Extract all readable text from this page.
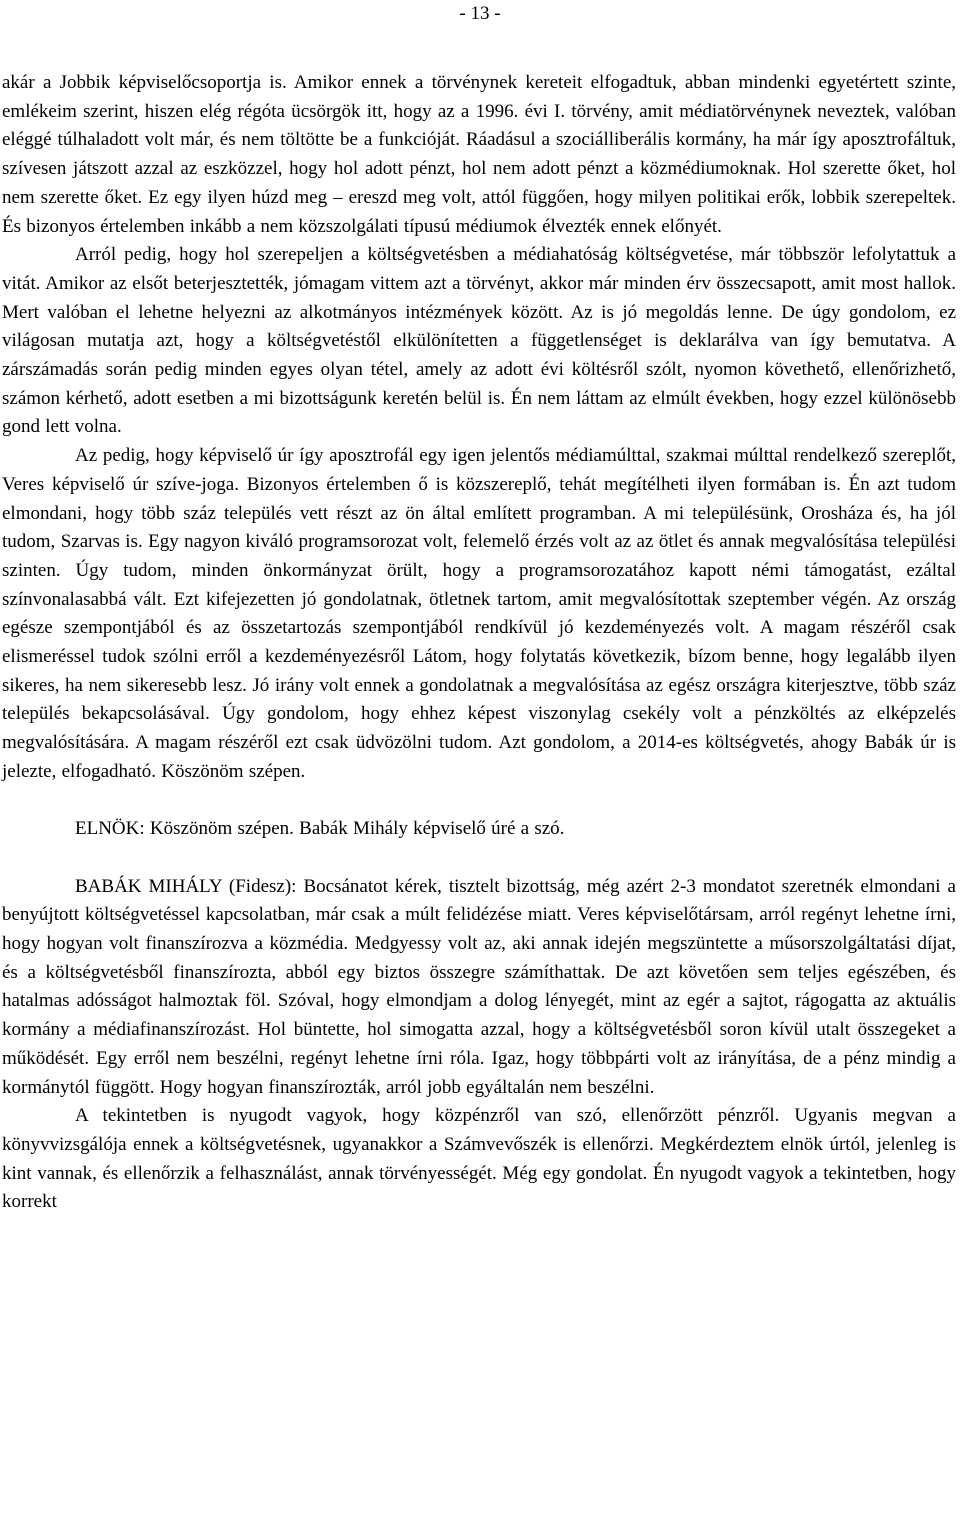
- 13 -

akár a Jobbik képviselőcsoportja is. Amikor ennek a törvénynek kereteit elfogadtuk, abban mindenki egyetértett szinte, emlékeim szerint, hiszen elég régóta ücsörgök itt, hogy az a 1996. évi I. törvény, amit médiatörvénynek neveztek, valóban eléggé túlhaladott volt már, és nem töltötte be a funkcióját. Ráadásul a szociálliberális kormány, ha már így aposztrofáltuk, szívesen játszott azzal az eszközzel, hogy hol adott pénzt, hol nem adott pénzt a közmédiumoknak. Hol szerette őket, hol nem szerette őket. Ez egy ilyen húzd meg – ereszd meg volt, attól függően, hogy milyen politikai erők, lobbik szerepeltek. És bizonyos értelemben inkább a nem közszolgálati típusú médiumok élvezték ennek előnyét.

Arról pedig, hogy hol szerepeljen a költségvetésben a médiahatóság költségvetése, már többször lefolytattuk a vitát. Amikor az elsőt beterjesztették, jómagam vittem azt a törvényt, akkor már minden érv összecsapott, amit most hallok. Mert valóban el lehetne helyezni az alkotmányos intézmények között. Az is jó megoldás lenne. De úgy gondolom, ez világosan mutatja azt, hogy a költségvetéstől elkülönítetten a függetlenséget is deklarálva van így bemutatva. A zárszámadás során pedig minden egyes olyan tétel, amely az adott évi költésről szólt, nyomon követhető, ellenőrizhető, számon kérhető, adott esetben a mi bizottságunk keretén belül is. Én nem láttam az elmúlt években, hogy ezzel különösebb gond lett volna.

Az pedig, hogy képviselő úr így aposztrofál egy igen jelentős médiamúlttal, szakmai múlttal rendelkező szereplőt, Veres képviselő úr szíve-joga. Bizonyos értelemben ő is közszereplő, tehát megítélheti ilyen formában is. Én azt tudom elmondani, hogy több száz település vett részt az ön által említett programban. A mi településünk, Orosháza és, ha jól tudom, Szarvas is. Egy nagyon kiváló programsorozat volt, felemelő érzés volt az az ötlet és annak megvalósítása települési szinten. Úgy tudom, minden önkormányzat örült, hogy a programsorozatához kapott némi támogatást, ezáltal színvonalasabbá vált. Ezt kifejezetten jó gondolatnak, ötletnek tartom, amit megvalósítottak szeptember végén. Az ország egésze szempontjából és az összetartozás szempontjából rendkívül jó kezdeményezés volt. A magam részéről csak elismeréssel tudok szólni erről a kezdeményezésről Látom, hogy folytatás következik, bízom benne, hogy legalább ilyen sikeres, ha nem sikeresebb lesz. Jó irány volt ennek a gondolatnak a megvalósítása az egész országra kiterjesztve, több száz település bekapcsolásával. Úgy gondolom, hogy ehhez képest viszonylag csekély volt a pénzköltés az elképzelés megvalósítására. A magam részéről ezt csak üdvözölni tudom. Azt gondolom, a 2014-es költségvetés, ahogy Babák úr is jelezte, elfogadható. Köszönöm szépen.

ELNÖK: Köszönöm szépen. Babák Mihály képviselő úré a szó.

BABÁK MIHÁLY (Fidesz): Bocsánatot kérek, tisztelt bizottság, még azért 2-3 mondatot szeretnék elmondani a benyújtott költségvetéssel kapcsolatban, már csak a múlt felidézése miatt. Veres képviselőtársam, arról regényt lehetne írni, hogy hogyan volt finanszírozva a közmédia. Medgyessy volt az, aki annak idején megszüntette a műsorszolgáltatási díjat, és a költségvetésből finanszírozta, abból egy biztos összegre számíthattak. De azt követően sem teljes egészében, és hatalmas adósságot halmoztak föl. Szóval, hogy elmondjam a dolog lényegét, mint az egér a sajtot, rágogatta az aktuális kormány a médiafinanszírozást. Hol büntette, hol simogatta azzal, hogy a költségvetésből soron kívül utalt összegeket a működését. Egy erről nem beszélni, regényt lehetne írni róla. Igaz, hogy többpárti volt az irányítása, de a pénz mindig a kormánytól függött. Hogy hogyan finanszírozták, arról jobb egyáltalán nem beszélni.

A tekintetben is nyugodt vagyok, hogy közpénzről van szó, ellenőrzött pénzről. Ugyanis megvan a könyvvizsgálója ennek a költségvetésnek, ugyanakkor a Számvevőszék is ellenőrzi. Megkérdeztem elnök úrtól, jelenleg is kint vannak, és ellenőrzik a felhasználást, annak törvényességét. Még egy gondolat. Én nyugodt vagyok a tekintetben, hogy korrekt
